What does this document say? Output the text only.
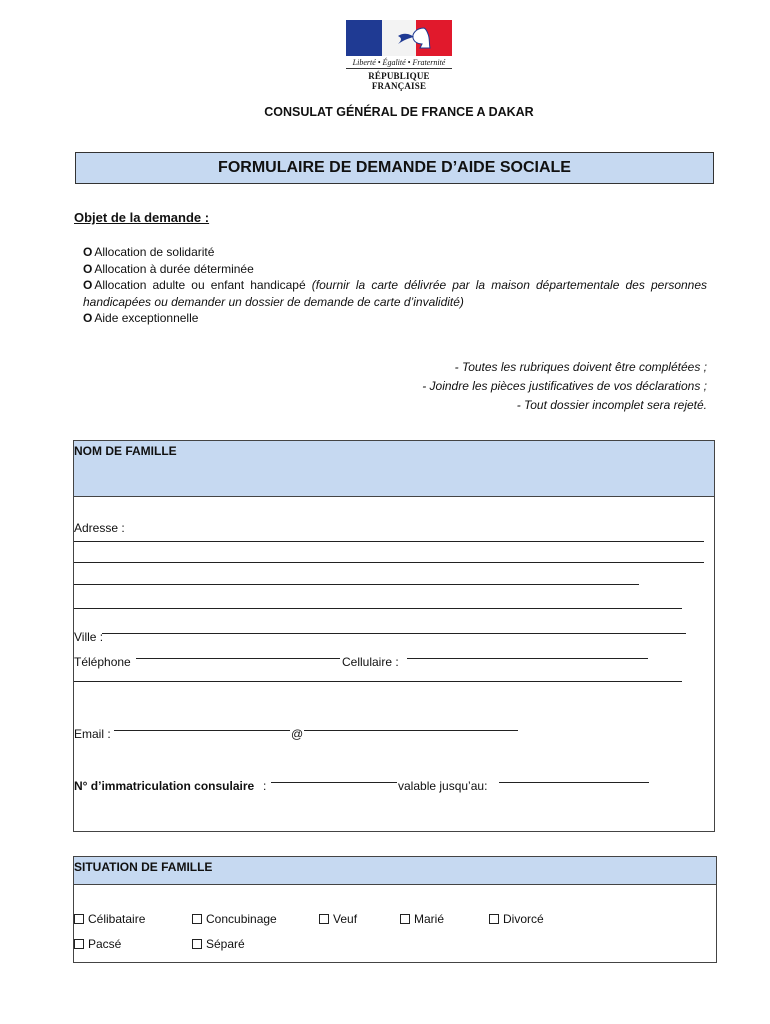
Liberté • Égalité • Fraternité
RÉPUBLIQUE FRANÇAISE
CONSULAT GÉNÉRAL DE FRANCE A DAKAR
FORMULAIRE DE DEMANDE D’AIDE SOCIALE
Objet de la demande :
O Allocation de solidarité
O Allocation à durée déterminée
O Allocation adulte ou enfant handicapé (fournir la carte délivrée par la maison départementale des personnes handicapées ou demander un dossier de demande de carte d’invalidité)
O Aide exceptionnelle
- Toutes les rubriques doivent être complétées ;
- Joindre les pièces justificatives de vos déclarations ;
- Tout dossier incomplet sera rejeté.
NOM DE FAMILLE
Adresse :
Ville :
Téléphone	Cellulaire :
Email :	@
N° d’immatriculation consulaire :	valable jusqu’au:
SITUATION DE FAMILLE
Célibataire	Concubinage	Veuf	Marié	Divorcé
Pacsé	Séparé
